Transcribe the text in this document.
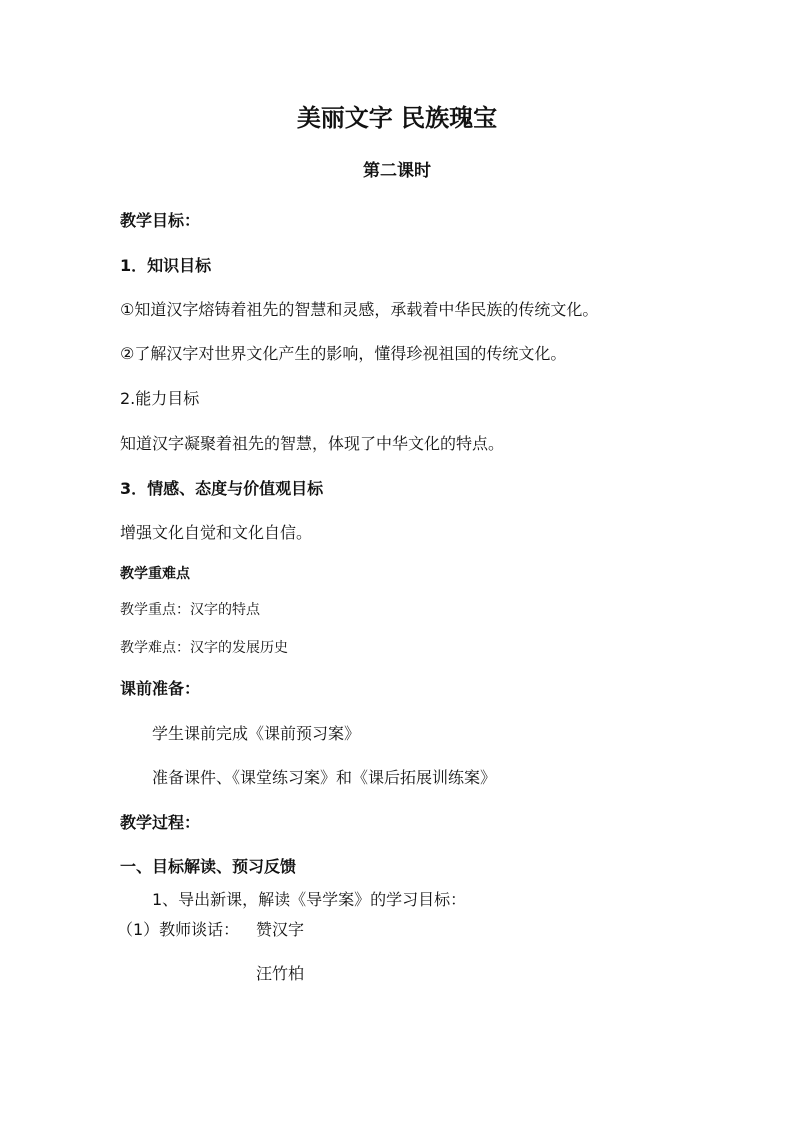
美丽文字 民族瑰宝
第二课时
教学目标：
1．知识目标
①知道汉字熔铸着祖先的智慧和灵感，承载着中华民族的传统文化。
②了解汉字对世界文化产生的影响，懂得珍视祖国的传统文化。
2.能力目标
知道汉字凝聚着祖先的智慧，体现了中华文化的特点。
3．情感、态度与价值观目标
增强文化自觉和文化自信。
教学重难点
教学重点：汉字的特点
教学难点：汉字的发展历史
课前准备：
学生课前完成《课前预习案》
准备课件、《课堂练习案》和《课后拓展训练案》
教学过程：
一、目标解读、预习反馈
1、导出新课，解读《导学案》的学习目标：
（1）教师谈话： 赞汉字
汪竹柏
